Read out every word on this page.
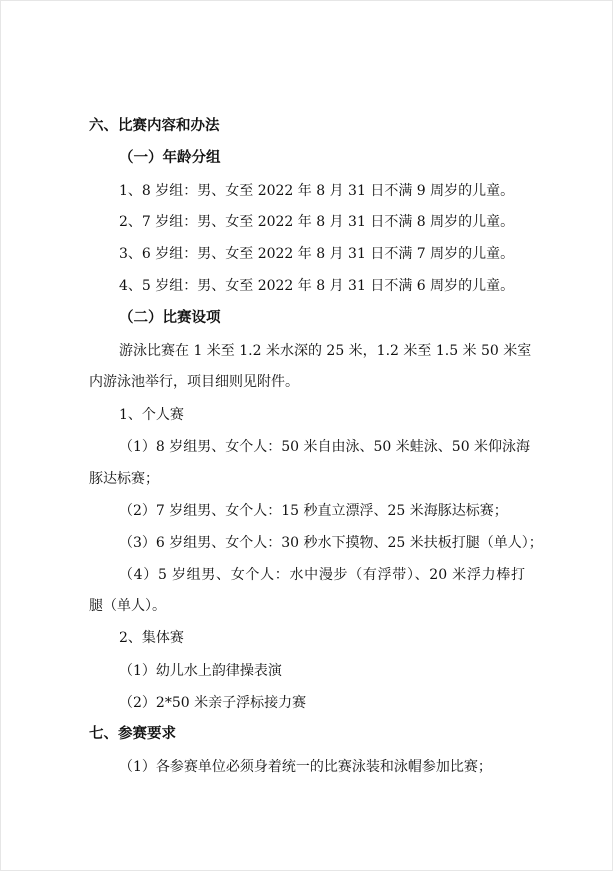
六、比赛内容和办法
（一）年龄分组
1、8 岁组：男、女至 2022 年 8 月 31 日不满 9 周岁的儿童。
2、7 岁组：男、女至 2022 年 8 月 31 日不满 8 周岁的儿童。
3、6 岁组：男、女至 2022 年 8 月 31 日不满 7 周岁的儿童。
4、5 岁组：男、女至 2022 年 8 月 31 日不满 6 周岁的儿童。
（二）比赛设项
游泳比赛在 1 米至 1.2 米水深的 25 米，1.2 米至 1.5 米 50 米室
内游泳池举行，项目细则见附件。
1、个人赛
（1）8 岁组男、女个人：50 米自由泳、50 米蛙泳、50 米仰泳海
豚达标赛；
（2）7 岁组男、女个人：15 秒直立漂浮、25 米海豚达标赛；
（3）6 岁组男、女个人：30 秒水下摸物、25 米扶板打腿（单人）；
（4）5 岁组男、女个人：水中漫步（有浮带）、20 米浮力棒打
腿（单人）。
2、集体赛
（1）幼儿水上韵律操表演
（2）2*50 米亲子浮标接力赛
七、参赛要求
（1）各参赛单位必须身着统一的比赛泳装和泳帽参加比赛；
